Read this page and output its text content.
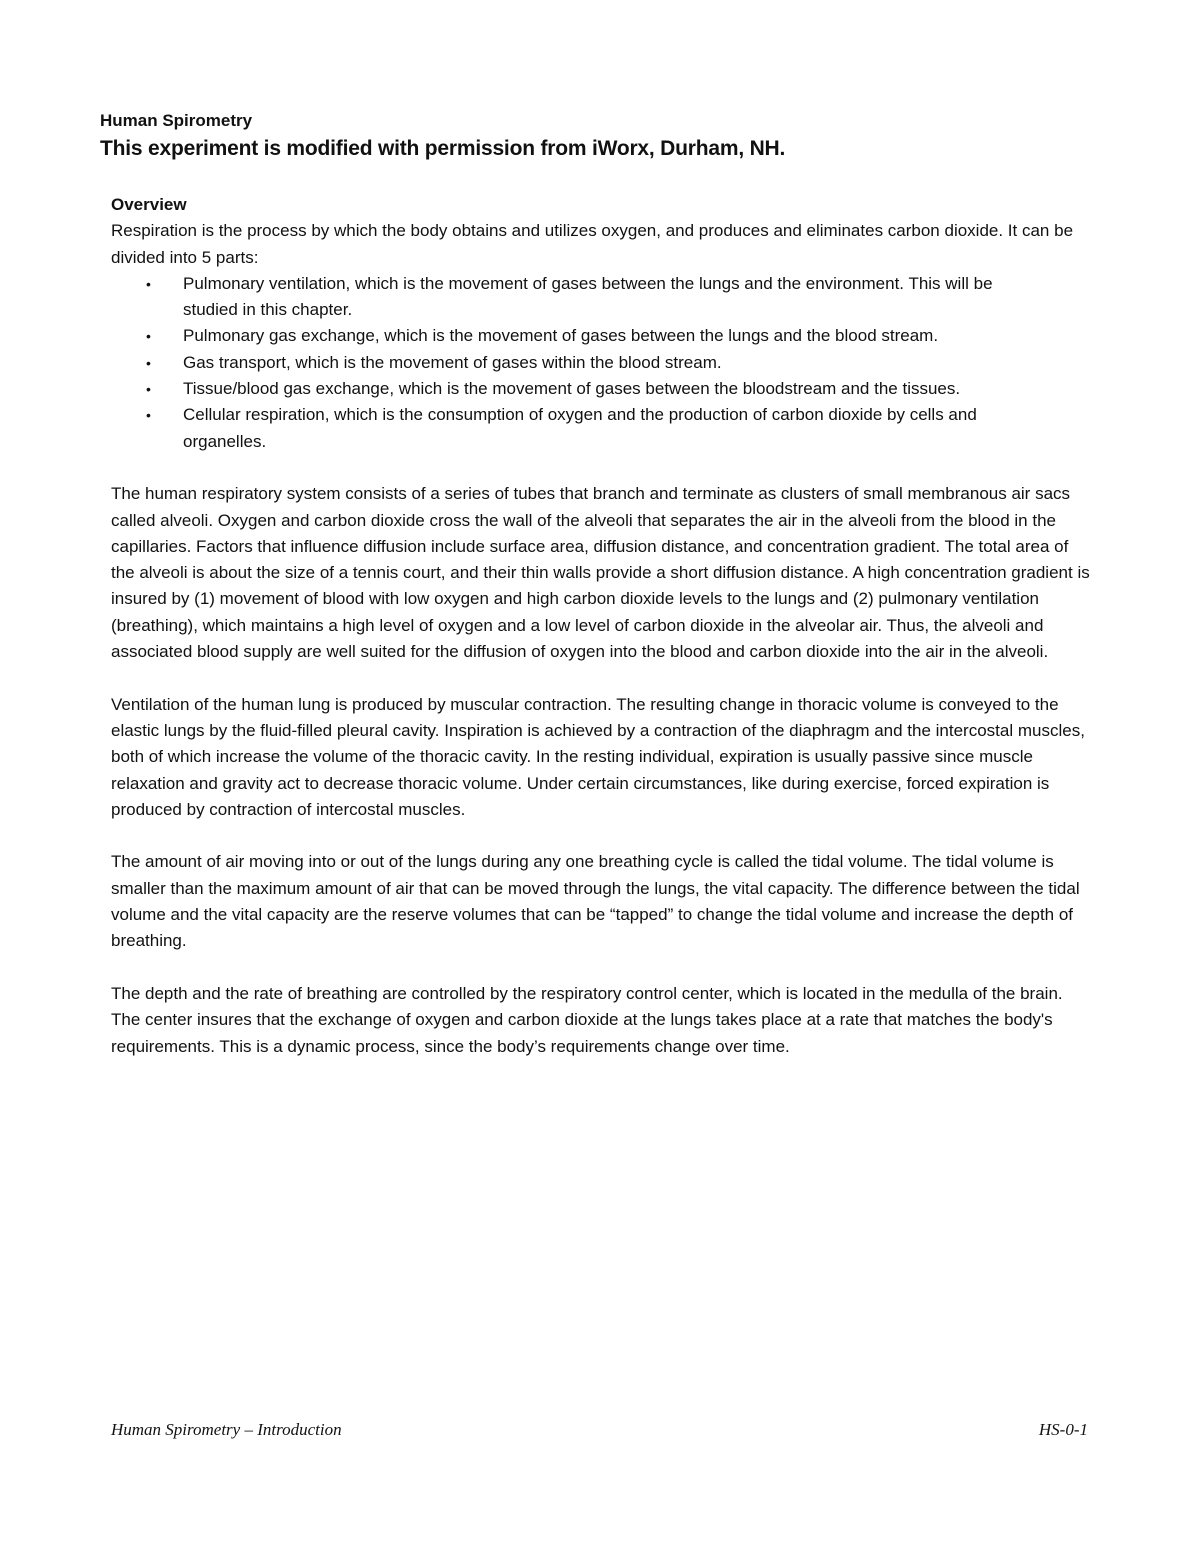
Human Spirometry
This experiment is modified with permission from iWorx, Durham, NH.

Overview

Respiration is the process by which the body obtains and utilizes oxygen, and produces and eliminates carbon dioxide. It can be divided into 5 parts:

• Pulmonary ventilation, which is the movement of gases between the lungs and the environment. This will be studied in this chapter.
• Pulmonary gas exchange, which is the movement of gases between the lungs and the blood stream.
• Gas transport, which is the movement of gases within the blood stream.
• Tissue/blood gas exchange, which is the movement of gases between the bloodstream and the tissues.
• Cellular respiration, which is the consumption of oxygen and the production of carbon dioxide by cells and organelles.

The human respiratory system consists of a series of tubes that branch and terminate as clusters of small membranous air sacs called alveoli. Oxygen and carbon dioxide cross the wall of the alveoli that separates the air in the alveoli from the blood in the capillaries. Factors that influence diffusion include surface area, diffusion distance, and concentration gradient. The total area of the alveoli is about the size of a tennis court, and their thin walls provide a short diffusion distance. A high concentration gradient is insured by (1) movement of blood with low oxygen and high carbon dioxide levels to the lungs and (2) pulmonary ventilation (breathing), which maintains a high level of oxygen and a low level of carbon dioxide in the alveolar air. Thus, the alveoli and associated blood supply are well suited for the diffusion of oxygen into the blood and carbon dioxide into the air in the alveoli.

Ventilation of the human lung is produced by muscular contraction. The resulting change in thoracic volume is conveyed to the elastic lungs by the fluid-filled pleural cavity. Inspiration is achieved by a contraction of the diaphragm and the intercostal muscles, both of which increase the volume of the thoracic cavity. In the resting individual, expiration is usually passive since muscle relaxation and gravity act to decrease thoracic volume. Under certain circumstances, like during exercise, forced expiration is produced by contraction of intercostal muscles.

The amount of air moving into or out of the lungs during any one breathing cycle is called the tidal volume. The tidal volume is smaller than the maximum amount of air that can be moved through the lungs, the vital capacity. The difference between the tidal volume and the vital capacity are the reserve volumes that can be “tapped” to change the tidal volume and increase the depth of breathing.

The depth and the rate of breathing are controlled by the respiratory control center, which is located in the medulla of the brain. The center insures that the exchange of oxygen and carbon dioxide at the lungs takes place at a rate that matches the body's requirements. This is a dynamic process, since the body’s requirements change over time.

Human Spirometry – Introduction	HS-0-1
